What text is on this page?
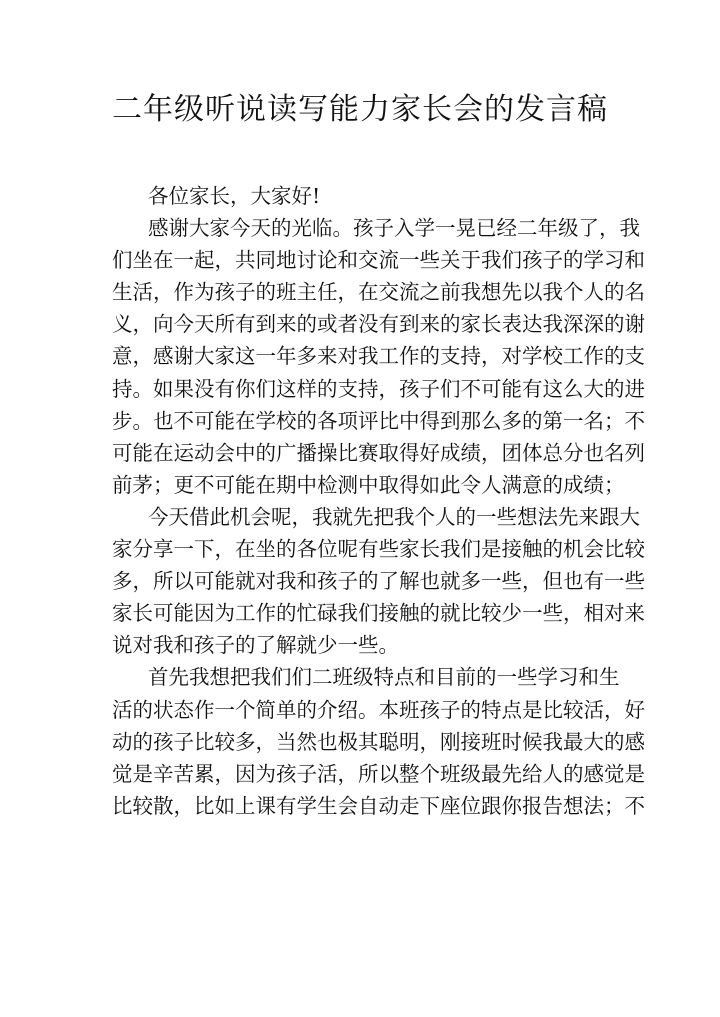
二年级听说读写能力家长会的发言稿
各位家长，大家好!
感谢大家今天的光临。孩子入学一晃已经二年级了，我
们坐在一起，共同地讨论和交流一些关于我们孩子的学习和
生活，作为孩子的班主任，在交流之前我想先以我个人的名
义，向今天所有到来的或者没有到来的家长表达我深深的谢
意，感谢大家这一年多来对我工作的支持，对学校工作的支
持。如果没有你们这样的支持，孩子们不可能有这么大的进
步。也不可能在学校的各项评比中得到那么多的第一名；不
可能在运动会中的广播操比赛取得好成绩，团体总分也名列
前茅；更不可能在期中检测中取得如此令人满意的成绩；
今天借此机会呢，我就先把我个人的一些想法先来跟大
家分享一下，在坐的各位呢有些家长我们是接触的机会比较
多，所以可能就对我和孩子的了解也就多一些，但也有一些
家长可能因为工作的忙碌我们接触的就比较少一些，相对来
说对我和孩子的了解就少一些。
首先我想把我们们二班级特点和目前的一些学习和生
活的状态作一个简单的介绍。本班孩子的特点是比较活，好
动的孩子比较多，当然也极其聪明，刚接班时候我最大的感
觉是辛苦累，因为孩子活，所以整个班级最先给人的感觉是
比较散，比如上课有学生会自动走下座位跟你报告想法；不
